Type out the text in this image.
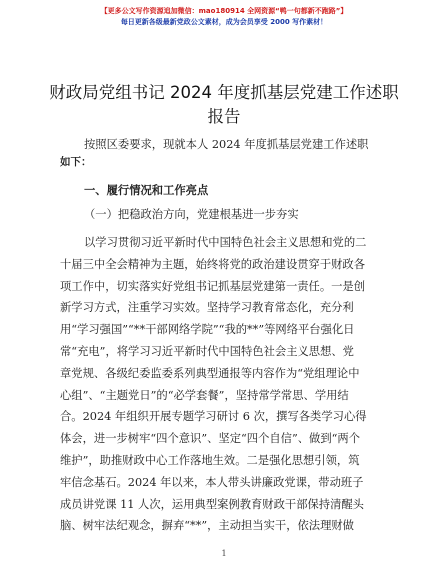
【更多公文写作资源追加微信：mao180914 全网资源“鸭一句都新不跑路”】
每日更新各级最新党政公文素材，成为会员享受 2000 写作素材！
财政局党组书记 2024 年度抓基层党建工作述职
报告
按照区委要求，现就本人 2024 年度抓基层党建工作述职
如下：
一、履行情况和工作亮点
（一）把稳政治方向，党建根基进一步夯实
以学习贯彻习近平新时代中国特色社会主义思想和党的二
十届三中全会精神为主题，始终将党的政治建设贯穿于财政各
项工作中，切实落实好党组书记抓基层党建第一责任。一是创
新学习方式，注重学习实效。坚持学习教育常态化，充分利
用“学习强国”“**干部网络学院”“我的**”等网络平台强化日
常“充电”，将学习习近平新时代中国特色社会主义思想、党
章党规、各级纪委监委系列典型通报等内容作为“党组理论中
心组”、“主题党日”的“必学套餐”，坚持常学常思、学用结
合。2024 年组织开展专题学习研讨 6 次，撰写各类学习心得
体会，进一步树牢“四个意识”、坚定“四个自信”、做到“两个
维护”，助推财政中心工作落地生效。二是强化思想引领，筑
牢信念基石。2024 年以来，本人带头讲廉政党课，带动班子
成员讲党课 11 人次，运用典型案例教育财政干部保持清醒头
脑、树牢法纪观念，摒弃“**”，主动担当实干，依法理财做
1
